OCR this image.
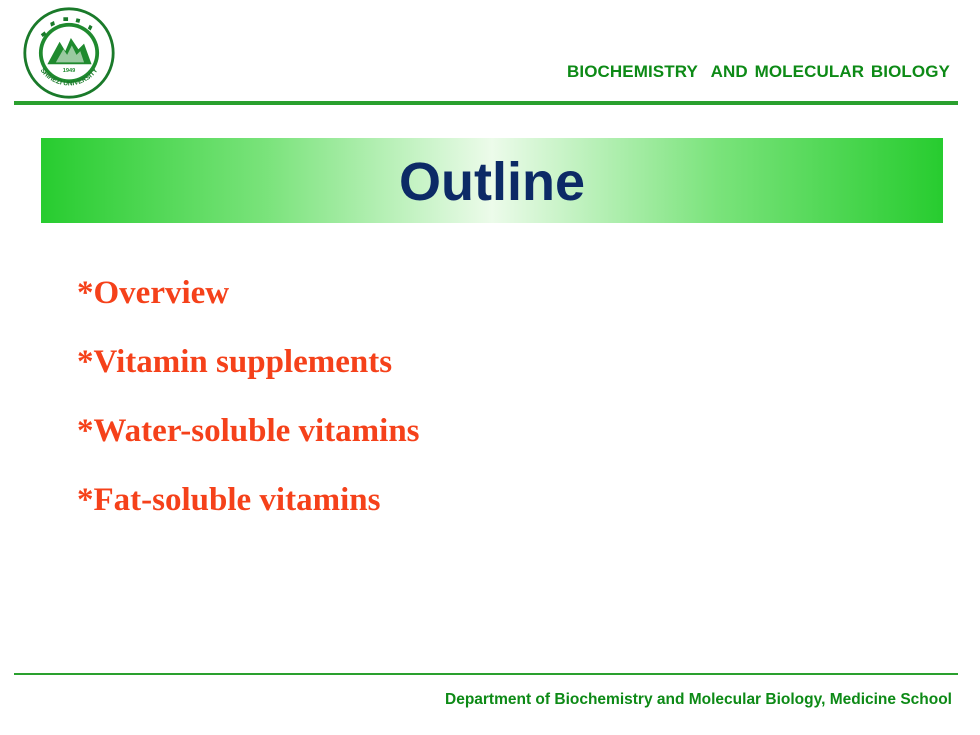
1949
SHIHEZI UNIVERSITY	BIOCHEMISTRY  AND MOLECULAR BIOLOGY
Outline
*Overview
*Vitamin supplements
*Water-soluble vitamins
*Fat-soluble vitamins
Department of Biochemistry and Molecular Biology, Medicine School
